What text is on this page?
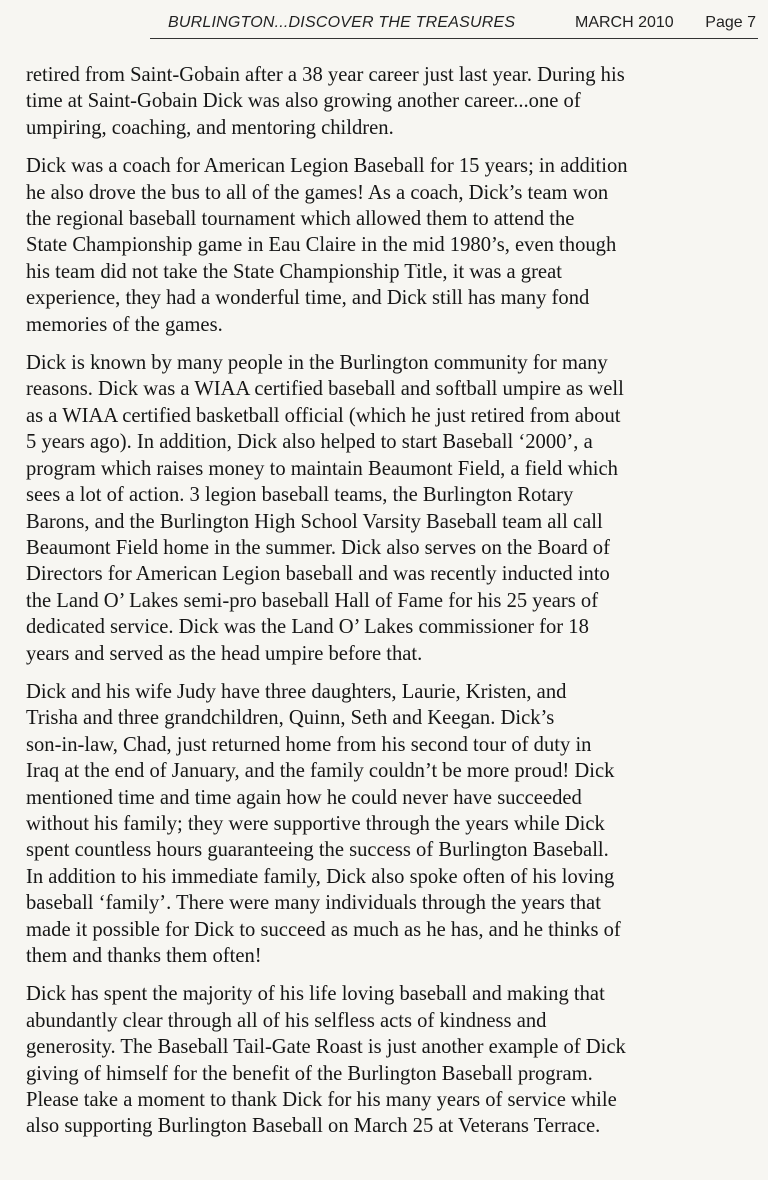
BURLINGTON...DISCOVER THE TREASURES	MARCH 2010 Page 7

retired from Saint-Gobain after a 38 year career just last year. During his
time at Saint-Gobain Dick was also growing another career...one of
umpiring, coaching, and mentoring children.

Dick was a coach for American Legion Baseball for 15 years; in addition
he also drove the bus to all of the games! As a coach, Dick’s team won
the regional baseball tournament which allowed them to attend the
State Championship game in Eau Claire in the mid 1980’s, even though
his team did not take the State Championship Title, it was a great
experience, they had a wonderful time, and Dick still has many fond
memories of the games.

Dick is known by many people in the Burlington community for many
reasons. Dick was a WIAA certified baseball and softball umpire as well
as a WIAA certified basketball official (which he just retired from about
5 years ago). In addition, Dick also helped to start Baseball ‘2000’, a
program which raises money to maintain Beaumont Field, a field which
sees a lot of action. 3 legion baseball teams, the Burlington Rotary
Barons, and the Burlington High School Varsity Baseball team all call
Beaumont Field home in the summer. Dick also serves on the Board of
Directors for American Legion baseball and was recently inducted into
the Land O’ Lakes semi-pro baseball Hall of Fame for his 25 years of
dedicated service. Dick was the Land O’ Lakes commissioner for 18
years and served as the head umpire before that.

Dick and his wife Judy have three daughters, Laurie, Kristen, and
Trisha and three grandchildren, Quinn, Seth and Keegan. Dick’s
son-in-law, Chad, just returned home from his second tour of duty in
Iraq at the end of January, and the family couldn’t be more proud! Dick
mentioned time and time again how he could never have succeeded
without his family; they were supportive through the years while Dick
spent countless hours guaranteeing the success of Burlington Baseball.
In addition to his immediate family, Dick also spoke often of his loving
baseball ‘family’. There were many individuals through the years that
made it possible for Dick to succeed as much as he has, and he thinks of
them and thanks them often!

Dick has spent the majority of his life loving baseball and making that
abundantly clear through all of his selfless acts of kindness and
generosity. The Baseball Tail-Gate Roast is just another example of Dick
giving of himself for the benefit of the Burlington Baseball program.
Please take a moment to thank Dick for his many years of service while
also supporting Burlington Baseball on March 25 at Veterans Terrace.
